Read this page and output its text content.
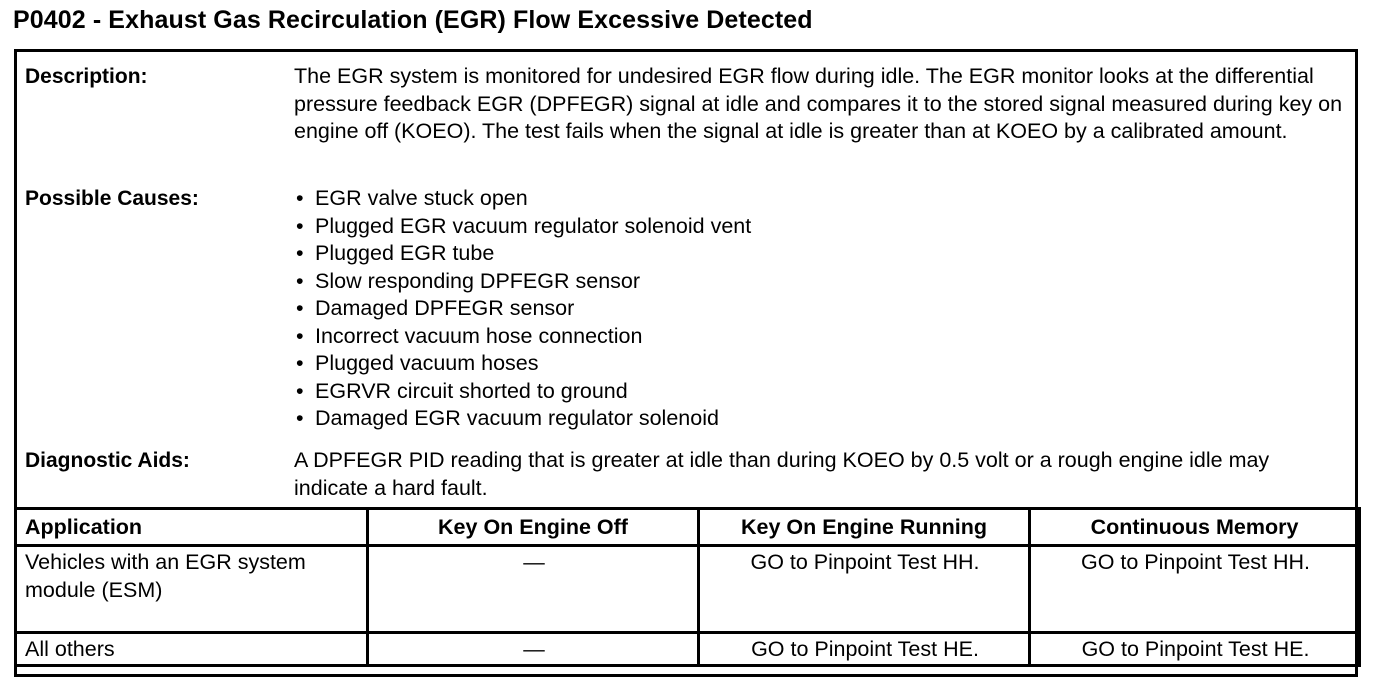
P0402 - Exhaust Gas Recirculation (EGR) Flow Excessive Detected
Description:	The EGR system is monitored for undesired EGR flow during idle. The EGR monitor looks at the differential pressure feedback EGR (DPFEGR) signal at idle and compares it to the stored signal measured during key on engine off (KOEO). The test fails when the signal at idle is greater than at KOEO by a calibrated amount.
Possible Causes:	• EGR valve stuck open
• Plugged EGR vacuum regulator solenoid vent
• Plugged EGR tube
• Slow responding DPFEGR sensor
• Damaged DPFEGR sensor
• Incorrect vacuum hose connection
• Plugged vacuum hoses
• EGRVR circuit shorted to ground
• Damaged EGR vacuum regulator solenoid
Diagnostic Aids:	A DPFEGR PID reading that is greater at idle than during KOEO by 0.5 volt or a rough engine idle may indicate a hard fault.
Application	Key On Engine Off	Key On Engine Running	Continuous Memory
Vehicles with an EGR system module (ESM)	—	GO to Pinpoint Test HH.	GO to Pinpoint Test HH.
All others	—	GO to Pinpoint Test HE.	GO to Pinpoint Test HE.
